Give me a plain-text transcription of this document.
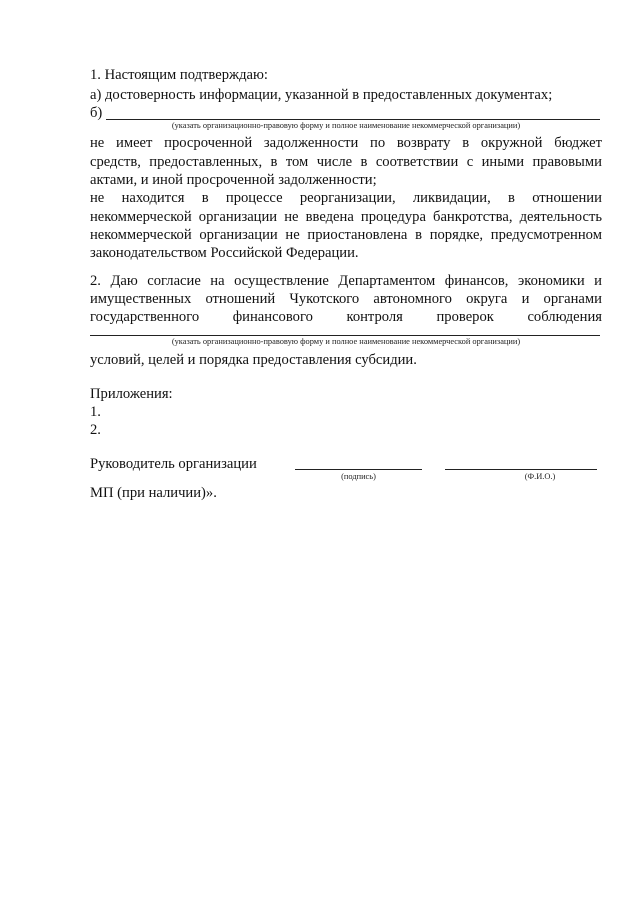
1. Настоящим подтверждаю:
а) достоверность информации, указанной в предоставленных документах;
б)
(указать организационно-правовую форму и полное наименование некоммерческой организации)
не имеет просроченной задолженности по возврату в окружной бюджет
средств, предоставленных, в том числе в соответствии с иными правовыми
актами, и иной просроченной задолженности;
не находится в процессе реорганизации, ликвидации, в отношении
некоммерческой организации не введена процедура банкротства, деятельность
некоммерческой организации не приостановлена в порядке, предусмотренном
законодательством Российской Федерации.
2. Даю согласие на осуществление Департаментом финансов, экономики и
имущественных отношений Чукотского автономного округа и органами
государственного финансового контроля проверок соблюдения
(указать организационно-правовую форму и полное наименование некоммерческой организации)
условий, целей и порядка предоставления субсидии.
Приложения:
1.
2.
Руководитель организации
(подпись)	(Ф.И.О.)
МП (при наличии)».
